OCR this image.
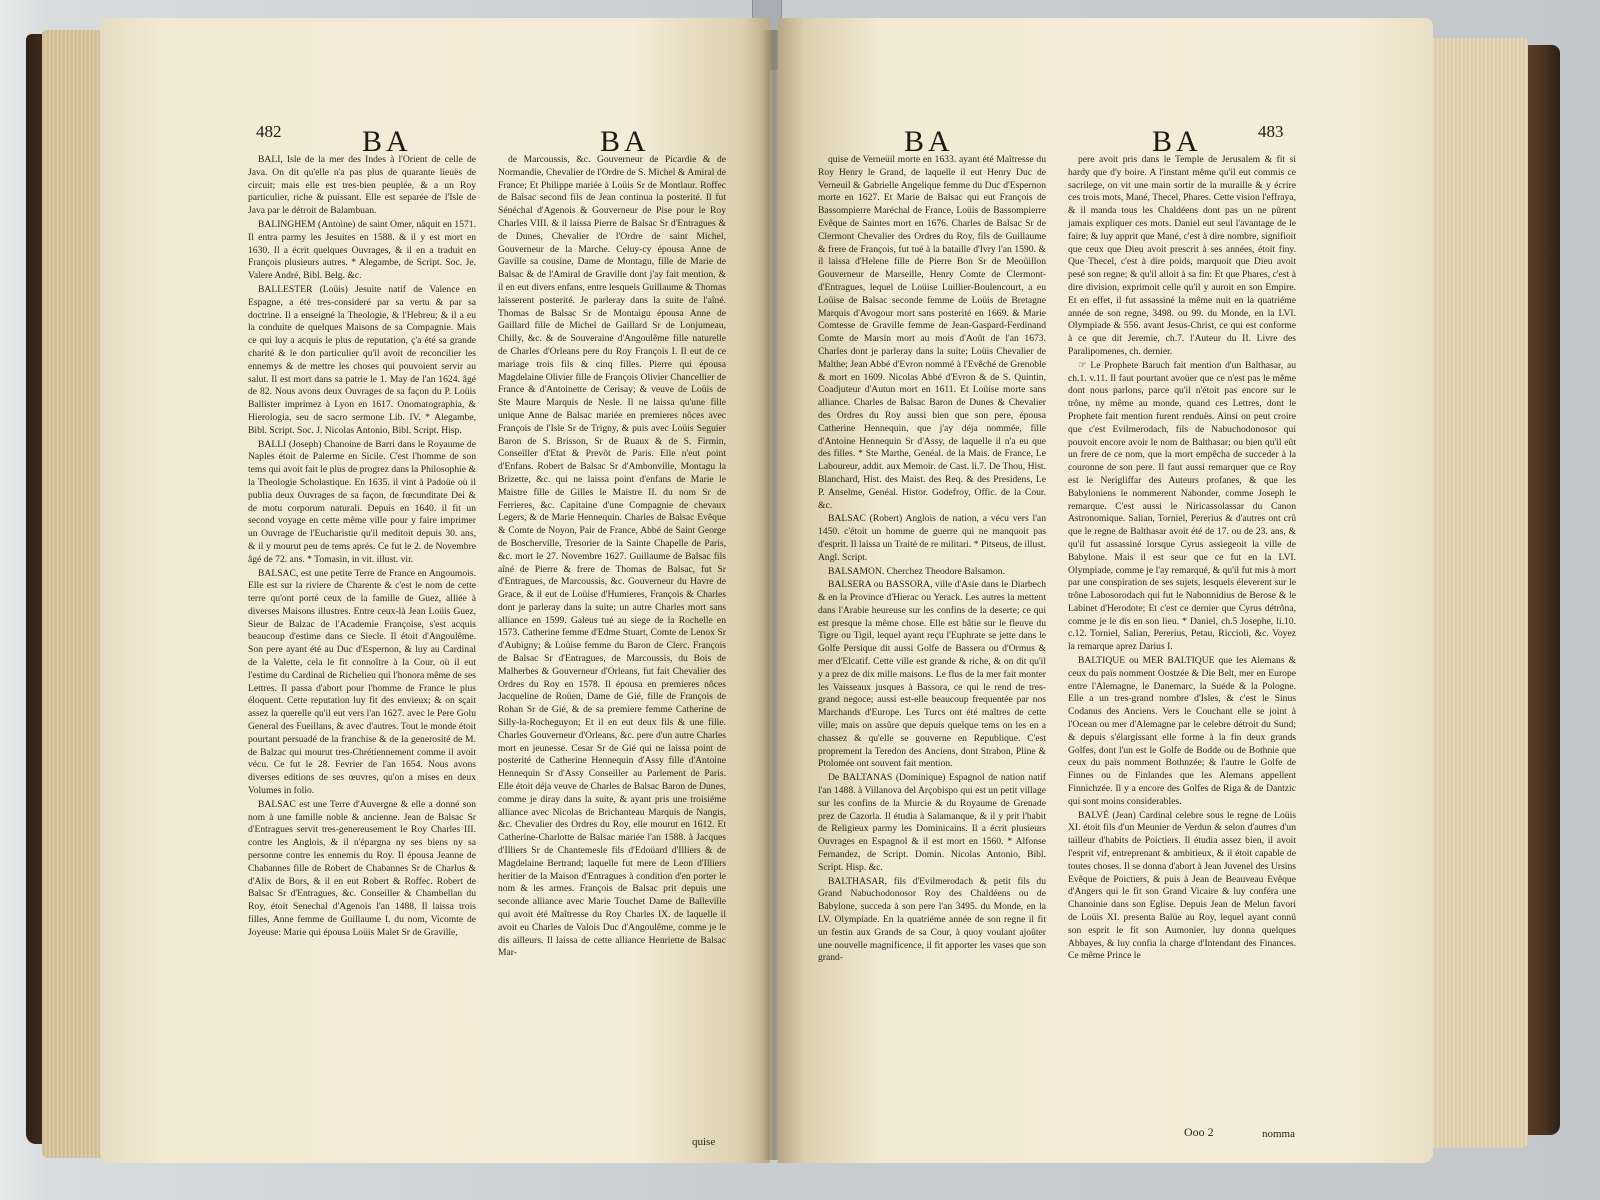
482	BA	BA

BALI, Isle de la mer des Indes à l'Orient de celle de Java. On dit qu'elle n'a pas plus de quarante lieuës de circuit; mais elle est tres-bien peuplée, & a un Roy particulier, riche & puissant. Elle est separée de l'Isle de Java par le détroit de Balambuan.

BALINGHEM (Antoine) de saint Omer, nâquit en 1571. Il entra parmy les Jesuites en 1588. & il y est mort en 1630. Il a écrit quelques Ouvrages, & il en a traduit en François plusieurs autres. * Alegambe, de Script. Soc. Je. Valere André, Bibl. Belg. &c.

BALLESTER (Loüis) Jesuite natif de Valence en Espagne, a été tres-consideré par sa vertu & par sa doctrine. Il a enseigné la Theologie, & l'Hebreu; & il a eu la conduite de quelques Maisons de sa Compagnie. Mais ce qui luy a acquis le plus de reputation, ç'a été sa grande charité & le don particulier qu'il avoit de reconcilier les ennemys & de mettre les choses qui pouvoient servir au salut. Il est mort dans sa patrie le 1. May de l'an 1624. âgé de 82. Nous avons deux Ouvrages de sa façon du P. Loüis Ballister imprimez à Lyon en 1617. Onomatographia, & Hierologia, seu de sacro sermone Lib. IV. * Alegambe, Bibl. Script. Soc. J. Nicolas Antonio, Bibl. Script. Hisp.

BALLI (Joseph) Chanoine de Barri dans le Royaume de Naples étoit de Palerme en Sicile. C'est l'homme de son tems qui avoit fait le plus de progrez dans la Philosophie & la Theologie Scholastique. En 1635. il vint à Padoüe où il publia deux Ouvrages de sa façon, de fœcunditate Dei & de motu corporum naturali. Depuis en 1640. il fit un second voyage en cette même ville pour y faire imprimer un Ouvrage de l'Eucharistie qu'il meditoit depuis 30. ans, & il y mourut peu de tems aprés. Ce fut le 2. de Novembre âgé de 72. ans. * Tomasin, in vit. illust. vir.

BALSAC, est une petite Terre de France en Angoumois. Elle est sur la riviere de Charente & c'est le nom de cette terre qu'ont porté ceux de la famille de Guez, alliée à diverses Maisons illustres. Entre ceux-là Jean Loüis Guez, Sieur de Balzac de l'Academie Françoise, s'est acquis beaucoup d'estime dans ce Siecle. Il étoit d'Angoulême. Son pere ayant été au Duc d'Espernon, & luy au Cardinal de la Valette, cela le fit connoître à la Cour, où il eut l'estime du Cardinal de Richelieu qui l'honora même de ses Lettres. Il passa d'abort pour l'homme de France le plus éloquent. Cette reputation luy fit des envieux; & on sçait assez la querelle qu'il eut vers l'an 1627. avec le Pere Golu General des Fueillans, & avec d'autres. Tout le monde étoit pourtant persuadé de la franchise & de la generosité de M. de Balzac qui mourut tres-Chrétiennement comme il avoit vécu. Ce fut le 28. Fevrier de l'an 1654. Nous avons diverses editions de ses œuvres, qu'on a mises en deux Volumes in folio.

BALSAC est une Terre d'Auvergne & elle a donné son nom à une famille noble & ancienne. Jean de Balsac Sr d'Entragues servit tres-genereusement le Roy Charles III. contre les Anglois, & il n'épargna ny ses biens ny sa personne contre les ennemis du Roy. Il épousa Jeanne de Chabannes fille de Robert de Chabannes Sr de Charlus & d'Alix de Bors, & il en eut Robert & Roffec. Robert de Balsac Sr d'Entragues, &c. Conseiller & Chambellan du Roy, étoit Senechal d'Agenois l'an 1488. Il laissa trois filles, Anne femme de Guillaume I. du nom, Vicomte de Joyeuse: Marie qui épousa Loüis Malet Sr de Graville,

de Marcoussis, &c. Gouverneur de Picardie & de Normandie, Chevalier de l'Ordre de S. Michel & Amiral de France; Et Philippe mariée à Loüis Sr de Montlaur. Roffec de Balsac second fils de Jean continua la posterité. Il fut Sénéchal d'Agenois & Gouverneur de Pise pour le Roy Charles VIII. & il laissa Pierre de Balsac Sr d'Entragues & de Dunes, Chevalier de l'Ordre de saint Michel, Gouverneur de la Marche. Celuy-cy épousa Anne de Gaville sa cousine, Dame de Montagu, fille de Marie de Balsac & de l'Amiral de Graville dont j'ay fait mention, & il en eut divers enfans, entre lesquels Guillaume & Thomas laisserent posterité. Je parleray dans la suite de l'aîné. Thomas de Balsac Sr de Montaigu épousa Anne de Gaillard fille de Michel de Gaillard Sr de Lonjumeau, Chilly, &c. & de Souveraine d'Angoulême fille naturelle de Charles d'Orleans pere du Roy François I. Il eut de ce mariage trois fils & cinq filles. Pierre qui épousa Magdelaine Olivier fille de François Olivier Chancellier de France & d'Antoinette de Cerisay; & veuve de Loüis de Ste Maure Marquis de Nesle. Il ne laissa qu'une fille unique Anne de Balsac mariée en premieres nôces avec François de l'Isle Sr de Trigny, & puis avec Loüis Seguier Baron de S. Brisson, Sr de Ruaux & de S. Firmin, Conseiller d'Etat & Prevôt de Paris. Elle n'eut point d'Enfans. Robert de Balsac Sr d'Ambonville, Montagu la Brizette, &c. qui ne laissa point d'enfans de Marie le Maistre fille de Gilles le Maistre II. du nom Sr de Ferrieres, &c. Capitaine d'une Compagnie de chevaux Legers, & de Marie Hennequin. Charles de Balsac Evêque & Comte de Noyon, Pair de France, Abbé de Saint George de Boscherville, Tresorier de la Sainte Chapelle de Paris, &c. mort le 27. Novembre 1627. Guillaume de Balsac fils aîné de Pierre & frere de Thomas de Balsac, fut Sr d'Entragues, de Marcoussis, &c. Gouverneur du Havre de Grace, & il eut de Loüise d'Humieres, François & Charles dont je parleray dans la suite; un autre Charles mort sans alliance en 1599. Galeus tué au siege de la Rochelle en 1573. Catherine femme d'Edme Stuart, Comte de Lenox Sr d'Aubigny; & Loüise femme du Baron de Clerc. François de Balsac Sr d'Entragues, de Marcoussis, du Bois de Malherbes & Gouverneur d'Orleans, fut fait Chevalier des Ordres du Roy en 1578. Il épousa en premieres nôces Jacqueline de Roüen, Dame de Gié, fille de François de Rohan Sr de Gié, & de sa premiere femme Catherine de Silly-la-Rocheguyon; Et il en eut deux fils & une fille. Charles Gouverneur d'Orleans, &c. pere d'un autre Charles mort en jeunesse. Cesar Sr de Gié qui ne laissa point de posterité de Catherine Hennequin d'Assy fille d'Antoine Hennequin Sr d'Assy Conseiller au Parlement de Paris. Elle étoit déja veuve de Charles de Balsac Baron de Dunes, comme je diray dans la suite, & ayant pris une troisiéme alliance avec Nicolas de Brichanteau Marquis de Nangis, &c. Chevalier des Ordres du Roy, elle mourut en 1612. Et Catherine-Charlotte de Balsac mariée l'an 1588. à Jacques d'Illiers Sr de Chantemesle fils d'Edoüard d'Illiers & de Magdelaine Bertrand; laquelle fut mere de Leon d'Illiers heritier de la Maison d'Entragues à condition d'en porter le nom & les armes. François de Balsac prit depuis une seconde alliance avec Marie Touchet Dame de Balleville qui avoit été Maîtresse du Roy Charles IX. de laquelle il avoit eu Charles de Valois Duc d'Angoulême, comme je le dis ailleurs. Il laissa de cette alliance Henriette de Balsac Mar-

quise
BA	BA	483

quise de Verneüil morte en 1633. ayant été Maîtresse du Roy Henry le Grand, de laquelle il eut Henry Duc de Verneuil & Gabrielle Angelique femme du Duc d'Espernon morte en 1627. Et Marie de Balsac qui eut François de Bassompierre Maréchal de France, Loüis de Bassompierre Evêque de Saintes mort en 1676. Charles de Balsac Sr de Clermont Chevalier des Ordres du Roy, fils de Guillaume & frere de François, fut tué à la bataille d'Ivry l'an 1590. & il laissa d'Helene fille de Pierre Bon Sr de Meoüillon Gouverneur de Marseille, Henry Comte de Clermont-d'Entragues, lequel de Loüise Luillier-Boulencourt, a eu Loüise de Balsac seconde femme de Loüis de Bretagne Marquis d'Avogour mort sans posterité en 1669. & Marie Comtesse de Graville femme de Jean-Gaspard-Ferdinand Comte de Marsin mort au mois d'Août de l'an 1673. Charles dont je parleray dans la suite; Loüis Chevalier de Malthe; Jean Abbé d'Evron nommé à l'Evêché de Grenoble & mort en 1609. Nicolas Abbé d'Evron & de S. Quintin, Coadjuteur d'Autun mort en 1611. Et Loüise morte sans alliance. Charles de Balsac Baron de Dunes & Chevalier des Ordres du Roy aussi bien que son pere, épousa Catherine Hennequin, que j'ay déja nommée, fille d'Antoine Hennequin Sr d'Assy, de laquelle il n'a eu que des filles. * Ste Marthe, Genéal. de la Mais. de France, Le Laboureur, addit. aux Memoir. de Cast. li.7. De Thou, Hist. Blanchard, Hist. des Maist. des Req. & des Presidens, Le P. Anselme, Genéal. Histor. Godefroy, Offic. de la Cour. &c.

BALSAC (Robert) Anglois de nation, a vécu vers l'an 1450. c'étoit un homme de guerre qui ne manquoit pas d'esprit. Il laissa un Traité de re militari. * Pitseus, de illust. Angl. Script.

BALSAMON. Cherchez Theodore Balsamon.

BALSERA ou BASSORA, ville d'Asie dans le Diarbech & en la Province d'Hierac ou Yerack. Les autres la mettent dans l'Arabie heureuse sur les confins de la deserte; ce qui est presque la même chose. Elle est bâtie sur le fleuve du Tigre ou Tigil, lequel ayant reçu l'Euphrate se jette dans le Golfe Persique dit aussi Golfe de Bassera ou d'Ormus & mer d'Elcatif. Cette ville est grande & riche, & on dit qu'il y a prez de dix mille maisons. Le flus de la mer fait monter les Vaisseaux jusques à Bassora, ce qui le rend de tres-grand negoce; aussi est-elle beaucoup frequentée par nos Marchands d'Europe. Les Turcs ont été maîtres de cette ville; mais on assûre que depuis quelque tems on les en a chassez & qu'elle se gouverne en Republique. C'est proprement la Teredon des Anciens, dont Strabon, Pline & Ptolomée ont souvent fait mention.

De BALTANAS (Dominique) Espagnol de nation natif l'an 1488. à Villanova del Arçobispo qui est un petit village sur les confins de la Murcie & du Royaume de Grenade prez de Cazorla. Il étudia à Salamanque, & il y prit l'habit de Religieux parmy les Dominicains. Il a écrit plusieurs Ouvrages en Espagnol & il est mort en 1560. * Alfonse Fernandez, de Script. Domin. Nicolas Antonio, Bibl. Script. Hisp. &c.

BALTHASAR, fils d'Evilmerodach & petit fils du Grand Nabuchodonosor Roy des Chaldéens ou de Babylone, succeda à son pere l'an 3495. du Monde, en la LV. Olympiade. En la quatriéme année de son regne il fit un festin aux Grands de sa Cour, à quoy voulant ajoûter une nouvelle magnificence, il fit apporter les vases que son grand-

pere avoit pris dans le Temple de Jerusalem & fit si hardy que d'y boire. A l'instant même qu'il eut commis ce sacrilege, on vit une main sortir de la muraille & y écrire ces trois mots, Mané, Thecel, Phares. Cette vision l'effraya, & il manda tous les Chaldéens dont pas un ne pûrent jamais expliquer ces mots. Daniel eut seul l'avantage de le faire; & luy apprit que Mané, c'est à dire nombre, signifioit que ceux que Dieu avoit prescrit à ses années, étoit finy. Que Thecel, c'est à dire poids, marquoit que Dieu avoit pesé son regne; & qu'il alloit à sa fin: Et que Phares, c'est à dire division, exprimoit celle qu'il y auroit en son Empire. Et en effet, il fut assassiné la même nuit en la quatriéme année de son regne, 3498. ou 99. du Monde, en la LVI. Olympiade & 556. avant Jesus-Christ, ce qui est conforme à ce que dit Jeremie, ch.7. l'Auteur du II. Livre des Paralipomenes, ch. dernier.

☞ Le Prophete Baruch fait mention d'un Balthasar, au ch.1. v.11. Il faut pourtant avoüer que ce n'est pas le même dont nous parlons, parce qu'il n'étoit pas encore sur le trône, ny même au monde, quand ces Lettres, dont le Prophete fait mention furent renduës. Ainsi on peut croire que c'est Evilmerodach, fils de Nabuchodonosor qui pouvoit encore avoir le nom de Balthasar; ou bien qu'il eût un frere de ce nom, que la mort empêcha de succeder à la couronne de son pere. Il faut aussi remarquer que ce Roy est le Nerigliffar des Auteurs profanes, & que les Babyloniens le nommerent Nabonder, comme Joseph le remarque. C'est aussi le Niricassolassar du Canon Astronomique. Salian, Torniel, Pererius & d'autres ont crû que le regne de Balthasar avoit été de 17. ou de 23. ans, & qu'il fut assassiné lorsque Cyrus assiegeoit la ville de Babylone. Mais il est seur que ce fut en la LVI. Olympiade, comme je l'ay remarqué, & qu'il fut mis à mort par une conspiration de ses sujets, lesquels éleverent sur le trône Labosorodach qui fut le Nabonnidius de Berose & le Labinet d'Herodote; Et c'est ce dernier que Cyrus détrôna, comme je le dis en son lieu. * Daniel, ch.5 Josephe, li.10. c.12. Torniel, Salian, Pererius, Petau, Riccioli, &c. Voyez la remarque aprez Darius I.

BALTIQUE ou MER BALTIQUE que les Alemans & ceux du païs nomment Oostzée & Die Belt, mer en Europe entre l'Alemagne, le Danemarc, la Suéde & la Pologne. Elle a un tres-grand nombre d'Isles, & c'est le Sinus Codanus des Anciens. Vers le Couchant elle se joint à l'Ocean ou mer d'Alemagne par le celebre détroit du Sund; & depuis s'élargissant elle forme à la fin deux grands Golfes, dont l'un est le Golfe de Bodde ou de Bothnie que ceux du païs nomment Bothnzée; & l'autre le Golfe de Finnes ou de Finlandes que les Alemans appellent Finnichzée. Il y a encore des Golfes de Riga & de Dantzic qui sont moins considerables.

BALVÉ (Jean) Cardinal celebre sous le regne de Loüis XI. étoit fils d'un Meunier de Verdun & selon d'autres d'un tailleur d'habits de Poictiers. Il étudia assez bien, il avoit l'esprit vif, entreprenant & ambitieux, & il étoit capable de toutes choses. Il se donna d'abort à Jean Juvenel des Ursins Evêque de Poictiers, & puis à Jean de Beauveau Evêque d'Angers qui le fit son Grand Vicaire & luy conféra une Chanoinie dans son Eglise. Depuis Jean de Melun favori de Loüis XI. presenta Balüe au Roy, lequel ayant connû son esprit le fit son Aumonier, luy donna quelques Abbayes, & luy confia la charge d'Intendant des Finances. Ce même Prince le

Ooo 2	nomma
